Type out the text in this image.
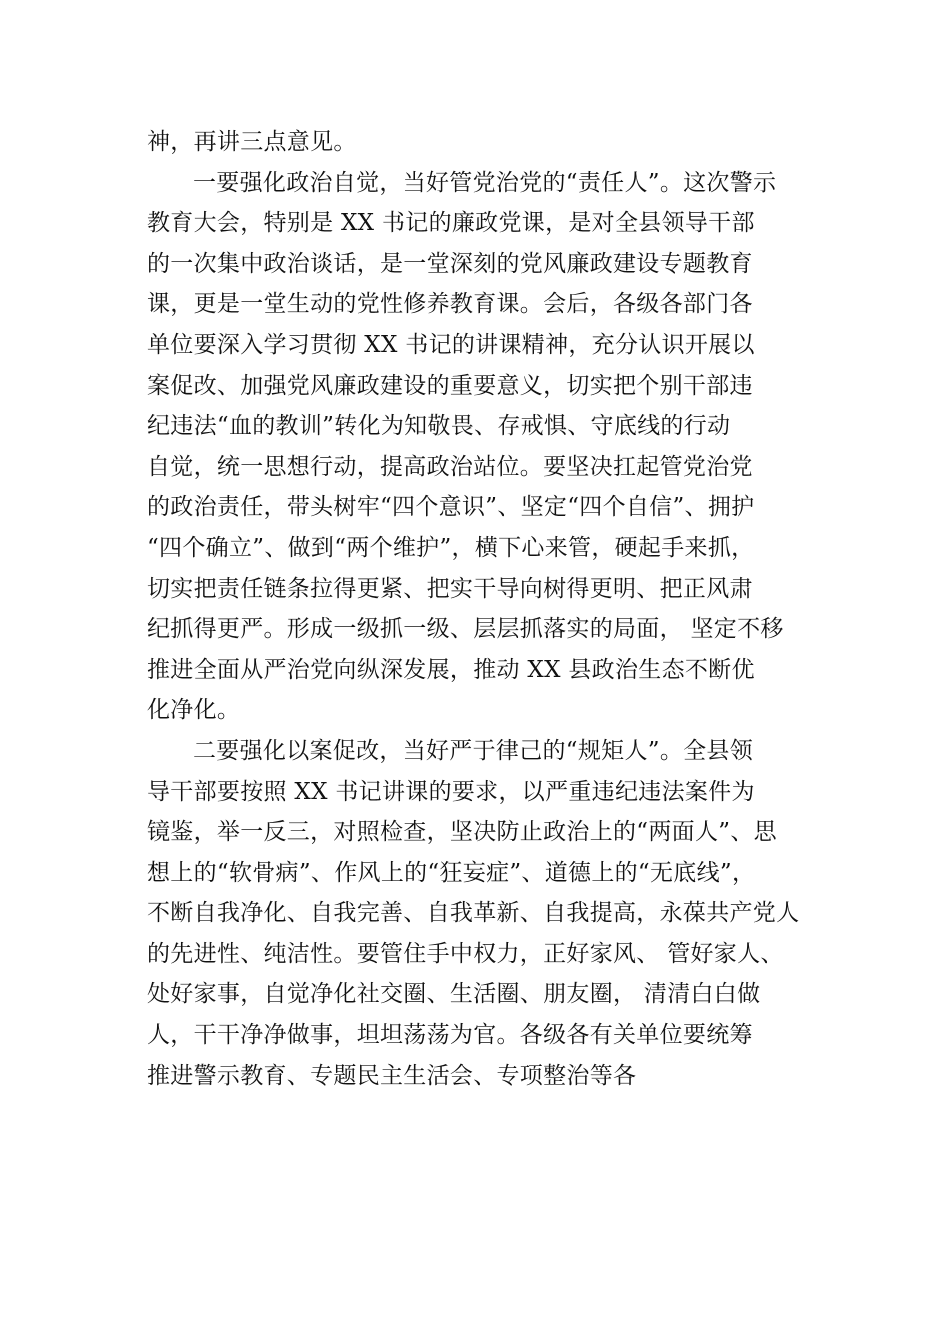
神，再讲三点意见。
一要强化政治自觉，当好管党治党的“责任人”。这次警示
教育大会，特别是 XX 书记的廉政党课，是对全县领导干部
的一次集中政治谈话，是一堂深刻的党风廉政建设专题教育
课，更是一堂生动的党性修养教育课。会后，各级各部门各
单位要深入学习贯彻 XX 书记的讲课精神，充分认识开展以
案促改、加强党风廉政建设的重要意义，切实把个别干部违
纪违法“血的教训”转化为知敬畏、存戒惧、守底线的行动
自觉，统一思想行动，提高政治站位。要坚决扛起管党治党
的政治责任，带头树牢“四个意识”、坚定“四个自信”、拥护
“四个确立”、做到“两个维护”，横下心来管，硬起手来抓，
切实把责任链条拉得更紧、把实干导向树得更明、把正风肃
纪抓得更严。形成一级抓一级、层层抓落实的局面， 坚定不移
推进全面从严治党向纵深发展，推动 XX 县政治生态不断优
化净化。
二要强化以案促改，当好严于律己的“规矩人”。全县领
导干部要按照 XX 书记讲课的要求，以严重违纪违法案件为
镜鉴，举一反三，对照检查，坚决防止政治上的“两面人”、思
想上的“软骨病”、作风上的“狂妄症”、道德上的“无底线”，
不断自我净化、自我完善、自我革新、自我提高，永葆共产党人
的先进性、纯洁性。要管住手中权力，正好家风、 管好家人、
处好家事，自觉净化社交圈、生活圈、朋友圈， 清清白白做
人，干干净净做事，坦坦荡荡为官。各级各有关单位要统筹
推进警示教育、专题民主生活会、专项整治等各
